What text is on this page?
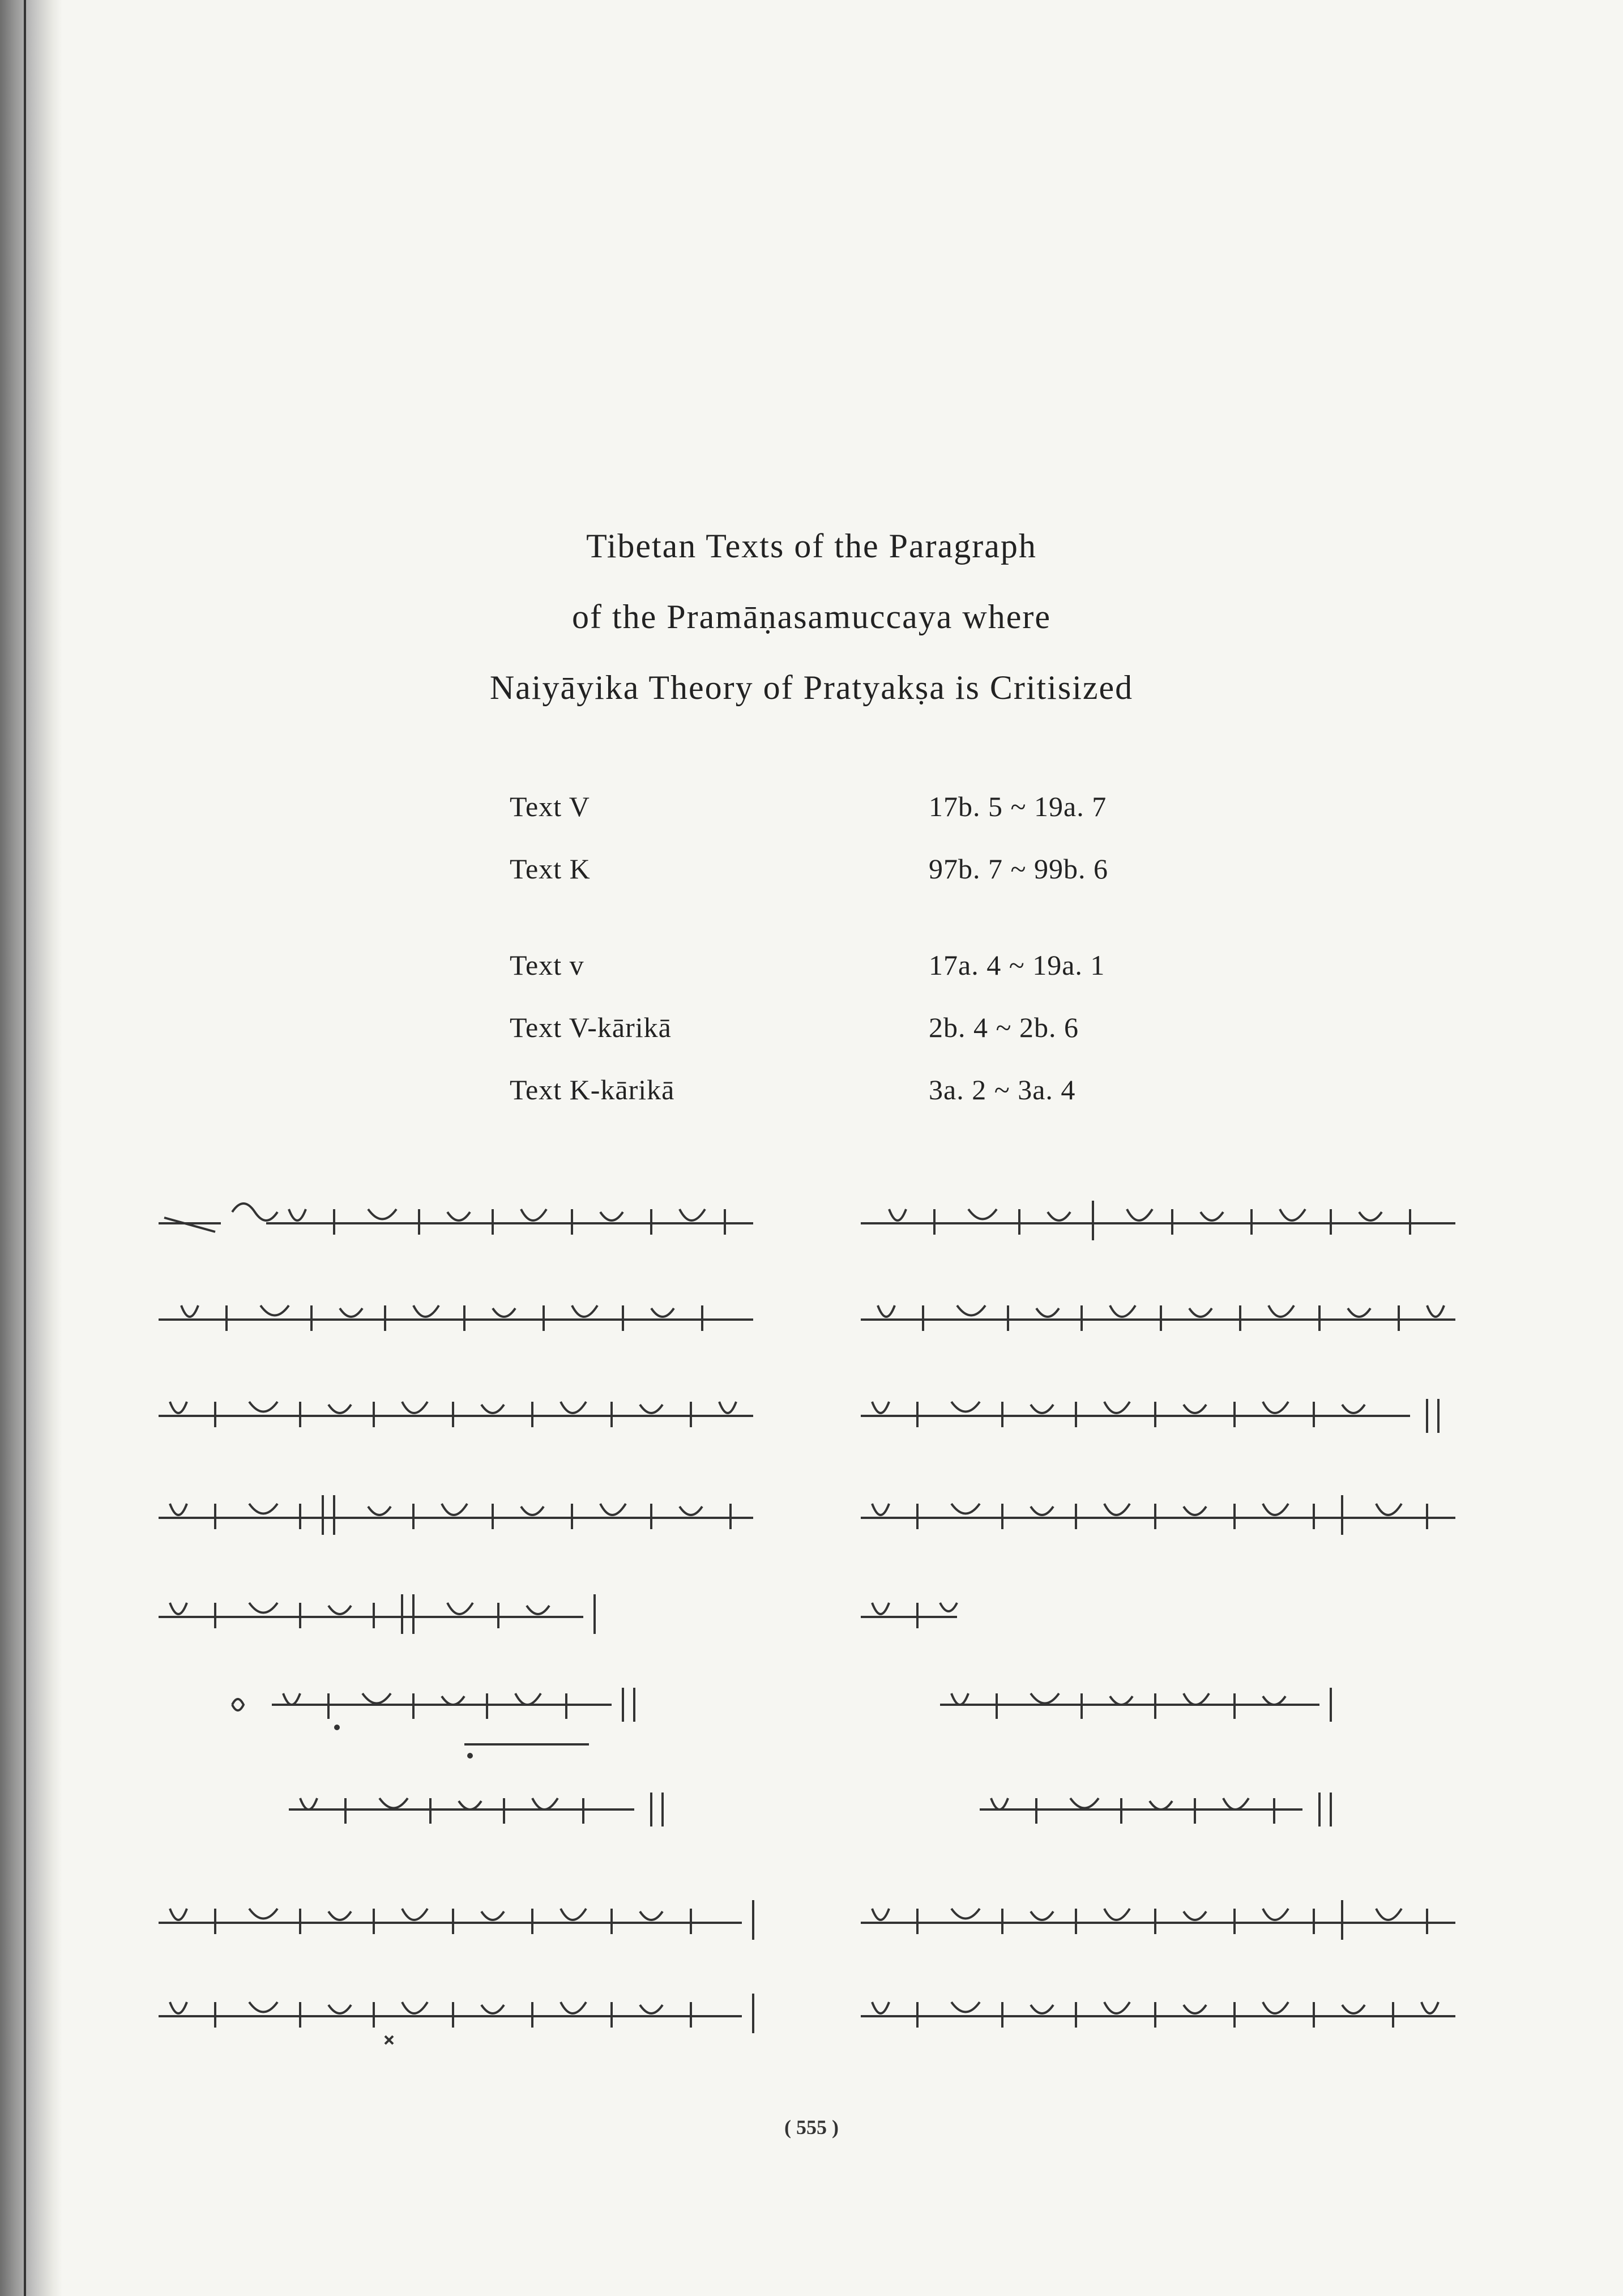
Tibetan Texts of the Paragraph
of the Pramāṇasamuccaya where
Naiyāyika Theory of Pratyakṣa is Critisized
Text V	17b. 5 ~ 19a. 7
Text K	97b. 7 ~ 99b. 6
Text v	17a. 4 ~ 19a. 1
Text V-kārikā	2b. 4 ~ 2b. 6
Text K-kārikā	3a. 2 ~ 3a. 4
( 555 )
